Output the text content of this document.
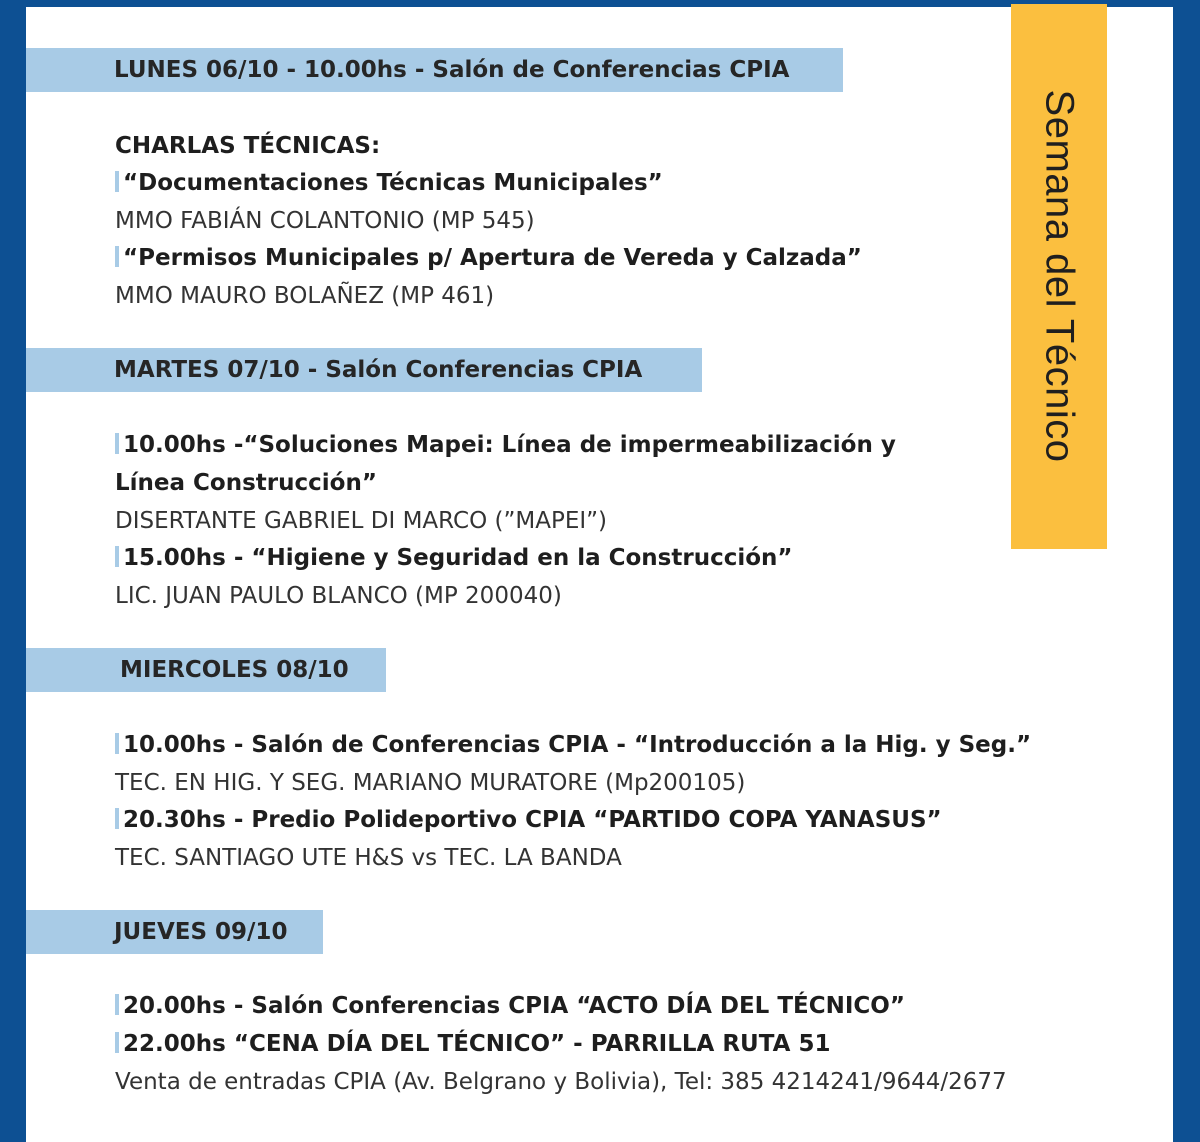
Semana del Técnico
LUNES 06/10 - 10.00hs - Salón de Conferencias CPIA
CHARLAS TÉCNICAS:
“Documentaciones Técnicas Municipales”
MMO FABIÁN COLANTONIO (MP 545)
“Permisos Municipales p/ Apertura de Vereda y Calzada”
MMO MAURO BOLAÑEZ (MP 461)
MARTES 07/10 - Salón Conferencias CPIA
10.00hs -“Soluciones Mapei: Línea de impermeabilización y
Línea Construcción”
DISERTANTE GABRIEL DI MARCO (”MAPEI”)
15.00hs - “Higiene y Seguridad en la Construcción”
LIC. JUAN PAULO BLANCO (MP 200040)
MIERCOLES 08/10
10.00hs - Salón de Conferencias CPIA - “Introducción a la Hig. y Seg.”
TEC. EN HIG. Y SEG. MARIANO MURATORE (Mp200105)
20.30hs - Predio Polideportivo CPIA “PARTIDO COPA YANASUS”
TEC. SANTIAGO UTE H&S vs TEC. LA BANDA
JUEVES 09/10
20.00hs - Salón Conferencias CPIA “ACTO DÍA DEL TÉCNICO”
22.00hs “CENA DÍA DEL TÉCNICO” - PARRILLA RUTA 51
Venta de entradas CPIA (Av. Belgrano y Bolivia), Tel: 385 4214241/9644/2677
